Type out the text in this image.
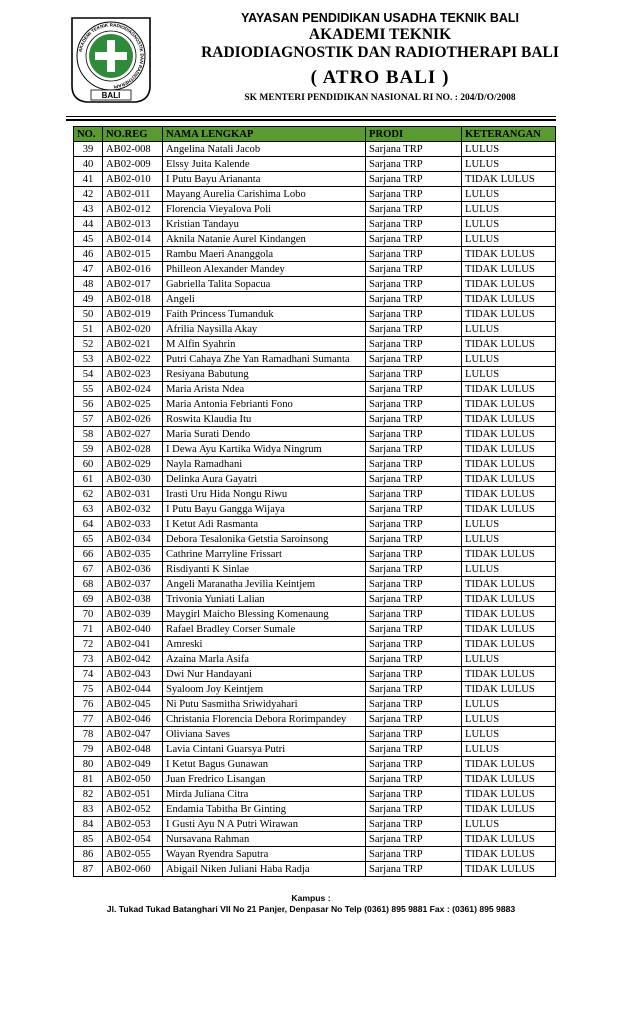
AKADEMI TEKNIK RADIODIAGNOSTIK DAN RADIOTHERAPI
BALI
YAYASAN PENDIDIKAN USADHA TEKNIK BALI
AKADEMI TEKNIK
RADIODIAGNOSTIK DAN RADIOTHERAPI BALI
( ATRO BALI )
SK MENTERI PENDIDIKAN NASIONAL RI NO. : 204/D/O/2008
NO.	NO.REG	NAMA LENGKAP	PRODI	KETERANGAN
39	AB02-008	Angelina Natali Jacob	Sarjana TRP	LULUS
40	AB02-009	Elssy Juita Kalende	Sarjana TRP	LULUS
41	AB02-010	I Putu Bayu Ariananta	Sarjana TRP	TIDAK LULUS
42	AB02-011	Mayang Aurelia Carishima Lobo	Sarjana TRP	LULUS
43	AB02-012	Florencia Vieyalova Poli	Sarjana TRP	LULUS
44	AB02-013	Kristian Tandayu	Sarjana TRP	LULUS
45	AB02-014	Aknila Natanie Aurel Kindangen	Sarjana TRP	LULUS
46	AB02-015	Rambu Maeri Ananggola	Sarjana TRP	TIDAK LULUS
47	AB02-016	Philleon Alexander Mandey	Sarjana TRP	TIDAK LULUS
48	AB02-017	Gabriella Talita Sopacua	Sarjana TRP	TIDAK LULUS
49	AB02-018	Angeli	Sarjana TRP	TIDAK LULUS
50	AB02-019	Faith Princess Tumanduk	Sarjana TRP	TIDAK LULUS
51	AB02-020	Afrilia Naysilla Akay	Sarjana TRP	LULUS
52	AB02-021	M Alfin Syahrin	Sarjana TRP	TIDAK LULUS
53	AB02-022	Putri Cahaya Zhe Yan Ramadhani Sumanta	Sarjana TRP	LULUS
54	AB02-023	Resiyana Babutung	Sarjana TRP	LULUS
55	AB02-024	Maria Arista Ndea	Sarjana TRP	TIDAK LULUS
56	AB02-025	Maria Antonia Febrianti Fono	Sarjana TRP	TIDAK LULUS
57	AB02-026	Roswita Klaudia Itu	Sarjana TRP	TIDAK LULUS
58	AB02-027	Maria Surati Dendo	Sarjana TRP	TIDAK LULUS
59	AB02-028	I Dewa Ayu Kartika Widya Ningrum	Sarjana TRP	TIDAK LULUS
60	AB02-029	Nayla Ramadhani	Sarjana TRP	TIDAK LULUS
61	AB02-030	Delinka Aura Gayatri	Sarjana TRP	TIDAK LULUS
62	AB02-031	Irasti Uru Hida Nongu Riwu	Sarjana TRP	TIDAK LULUS
63	AB02-032	I Putu Bayu Gangga Wijaya	Sarjana TRP	TIDAK LULUS
64	AB02-033	I Ketut Adi Rasmanta	Sarjana TRP	LULUS
65	AB02-034	Debora Tesalonika Getstia Saroinsong	Sarjana TRP	LULUS
66	AB02-035	Cathrine Marryline Frissart	Sarjana TRP	TIDAK LULUS
67	AB02-036	Risdiyanti K Sinlae	Sarjana TRP	LULUS
68	AB02-037	Angeli Maranatha Jevilia Keintjem	Sarjana TRP	TIDAK LULUS
69	AB02-038	Trivonia Yuniati Lalian	Sarjana TRP	TIDAK LULUS
70	AB02-039	Maygirl Maicho Blessing Komenaung	Sarjana TRP	TIDAK LULUS
71	AB02-040	Rafael Bradley Corser Sumale	Sarjana TRP	TIDAK LULUS
72	AB02-041	Amreski	Sarjana TRP	TIDAK LULUS
73	AB02-042	Azaina Marla Asifa	Sarjana TRP	LULUS
74	AB02-043	Dwi Nur Handayani	Sarjana TRP	TIDAK LULUS
75	AB02-044	Syaloom Joy Keintjem	Sarjana TRP	TIDAK LULUS
76	AB02-045	Ni Putu Sasmitha Sriwidyahari	Sarjana TRP	LULUS
77	AB02-046	Christania Florencia Debora Rorimpandey	Sarjana TRP	LULUS
78	AB02-047	Oliviana Saves	Sarjana TRP	LULUS
79	AB02-048	Lavia Cintani Guarsya Putri	Sarjana TRP	LULUS
80	AB02-049	I Ketut Bagus Gunawan	Sarjana TRP	TIDAK LULUS
81	AB02-050	Juan Fredrico Lisangan	Sarjana TRP	TIDAK LULUS
82	AB02-051	Mirda Juliana Citra	Sarjana TRP	TIDAK LULUS
83	AB02-052	Endamia Tabitha Br Ginting	Sarjana TRP	TIDAK LULUS
84	AB02-053	I Gusti Ayu N A Putri Wirawan	Sarjana TRP	LULUS
85	AB02-054	Nursavana Rahman	Sarjana TRP	TIDAK LULUS
86	AB02-055	Wayan Ryendra Saputra	Sarjana TRP	TIDAK LULUS
87	AB02-060	Abigail Niken Juliani Haba Radja	Sarjana TRP	TIDAK LULUS
Kampus :
Jl. Tukad Tukad Batanghari VII No 21 Panjer, Denpasar No Telp (0361) 895 9881 Fax : (0361) 895 9883
